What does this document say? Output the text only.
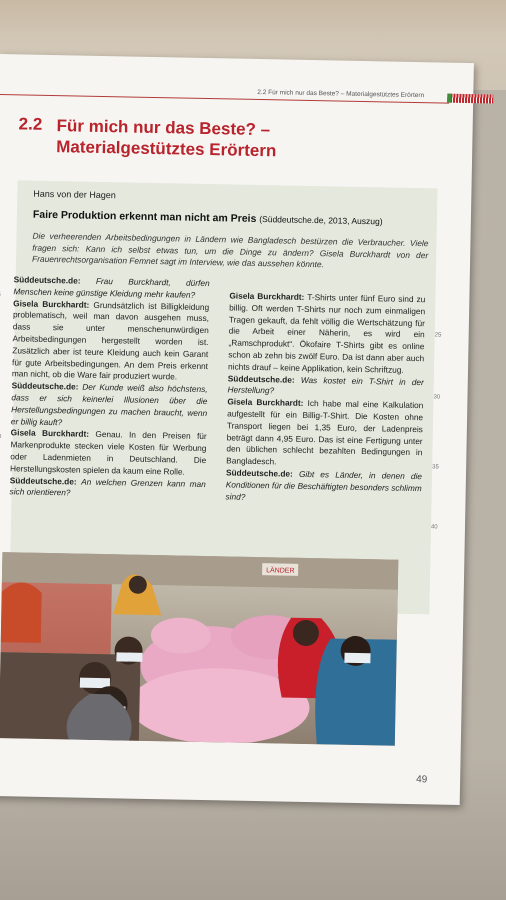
2.2 Für mich nur das Beste? – Materialgestütztes Erörtern
2.2 Für mich nur das Beste? –
Materialgestütztes Erörtern
25
30
35
40
Hans von der Hagen
Faire Produktion erkennt man nicht am Preis (Süddeutsche.de, 2013, Auszug)
Die verheerenden Arbeitsbedingungen in Ländern wie Bangladesch bestürzen die Verbraucher. Viele fragen sich: Kann ich selbst etwas tun, um die Dinge zu ändern? Gisela Burckhardt von der Frauenrechtsorganisation Femnet sagt im Interview, wie das aussehen könnte.

Süddeutsche.de: Frau Burckhardt, dürfen Menschen keine günstige Kleidung mehr kaufen?

Gisela Burckhardt: Grundsätzlich ist Billigkleidung problematisch, weil man davon ausgehen muss, dass sie unter menschenunwürdigen Arbeitsbedingungen hergestellt worden ist. Zusätzlich aber ist teure Kleidung auch kein Garant für gute Arbeitsbedingungen. An dem Preis erkennt man nicht, ob die Ware fair produziert wurde.

Süddeutsche.de: Der Kunde weiß also höchstens, dass er sich keinerlei Illusionen über die Herstellungsbedingungen zu machen braucht, wenn er billig kauft?

Gisela Burckhardt: Genau. In den Preisen für Markenprodukte stecken viele Kosten für Werbung oder Ladenmieten in Deutschland. Die Herstellungskosten spielen da kaum eine Rolle.

Süddeutsche.de: An welchen Grenzen kann man sich orientieren?

Gisela Burckhardt: T-Shirts unter fünf Euro sind zu billig. Oft werden T-Shirts nur noch zum einmaligen Tragen gekauft, da fehlt völlig die Wertschätzung für die Arbeit einer Näherin, es wird ein „Ramschprodukt“. Ökofaire T-Shirts gibt es online schon ab zehn bis zwölf Euro. Da ist dann aber auch nichts drauf – keine Applikation, kein Schriftzug.

Süddeutsche.de: Was kostet ein T-Shirt in der Herstellung?

Gisela Burckhardt: Ich habe mal eine Kalkulation aufgestellt für ein Billig-T-Shirt. Die Kosten ohne Transport liegen bei 1,35 Euro, der Ladenpreis beträgt dann 4,95 Euro. Das ist eine Fertigung unter den üblichen schlecht bezahlten Bedingungen in Bangladesch.

Süddeutsche.de: Gibt es Länder, in denen die Konditionen für die Beschäftigten besonders schlimm sind?

LÄNDER
49
